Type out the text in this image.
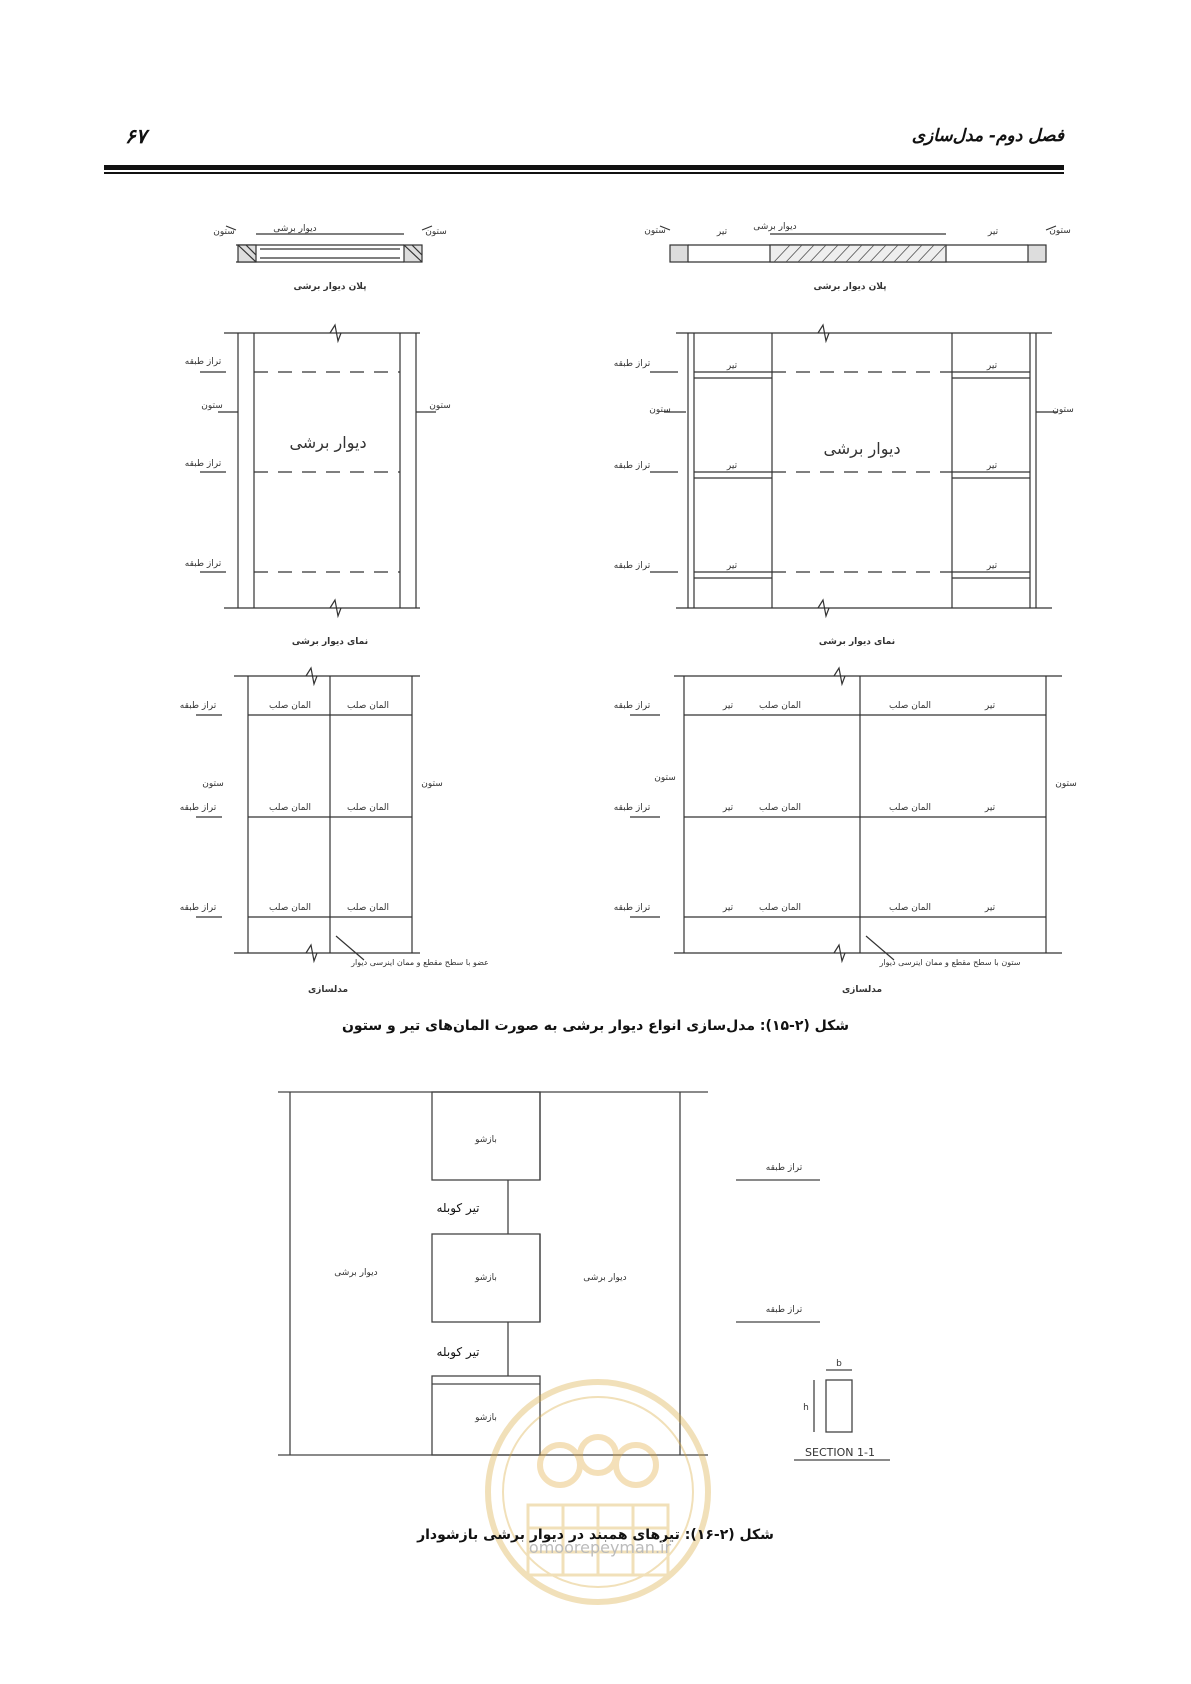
فصل دوم- مدل‌سازی
۶۷
پلان دیوار برشی
دیوار برشی
ستون	ستون
پلان دیوار برشی
دیوار برشی
ستون	ستون
تیر	تیر
دیوار برشی
نمای دیوار برشی
ستون	ستون
تراز طبقه
تراز طبقه
تراز طبقه
دیوار برشی
نمای دیوار برشی
ستون	ستون
تراز طبقه
تراز طبقه
تراز طبقه
تیر	تیر
تیر	تیر
تیر	تیر
المان صلب	المان صلب
المان صلب	المان صلب
المان صلب	المان صلب
ستون	ستون
تراز طبقه
تراز طبقه
تراز طبقه
عضو با سطح مقطع و ممان اینرسی دیوار
مدلسازی
المان صلب	المان صلب
المان صلب	المان صلب
المان صلب	المان صلب
تیر	تیر
تیر	تیر
تیر	تیر
ستون
ستون
تراز طبقه
تراز طبقه
تراز طبقه
ستون با سطح مقطع و ممان اینرسی دیوار
مدلسازی
بازشو
بازشو
بازشو
دیوار برشی	دیوار برشی
تیر کوبله
تیر کوبله
تراز طبقه
تراز طبقه
SECTION 1-1
b
h
شکل (۲-۱۵): مدل‌سازی انواع دیوار برشی به صورت المان‌های تیر و ستون
شکل (۲-۱۶): تیرهای همبند در دیوار برشی بازشودار
omoorepeyman.ir
